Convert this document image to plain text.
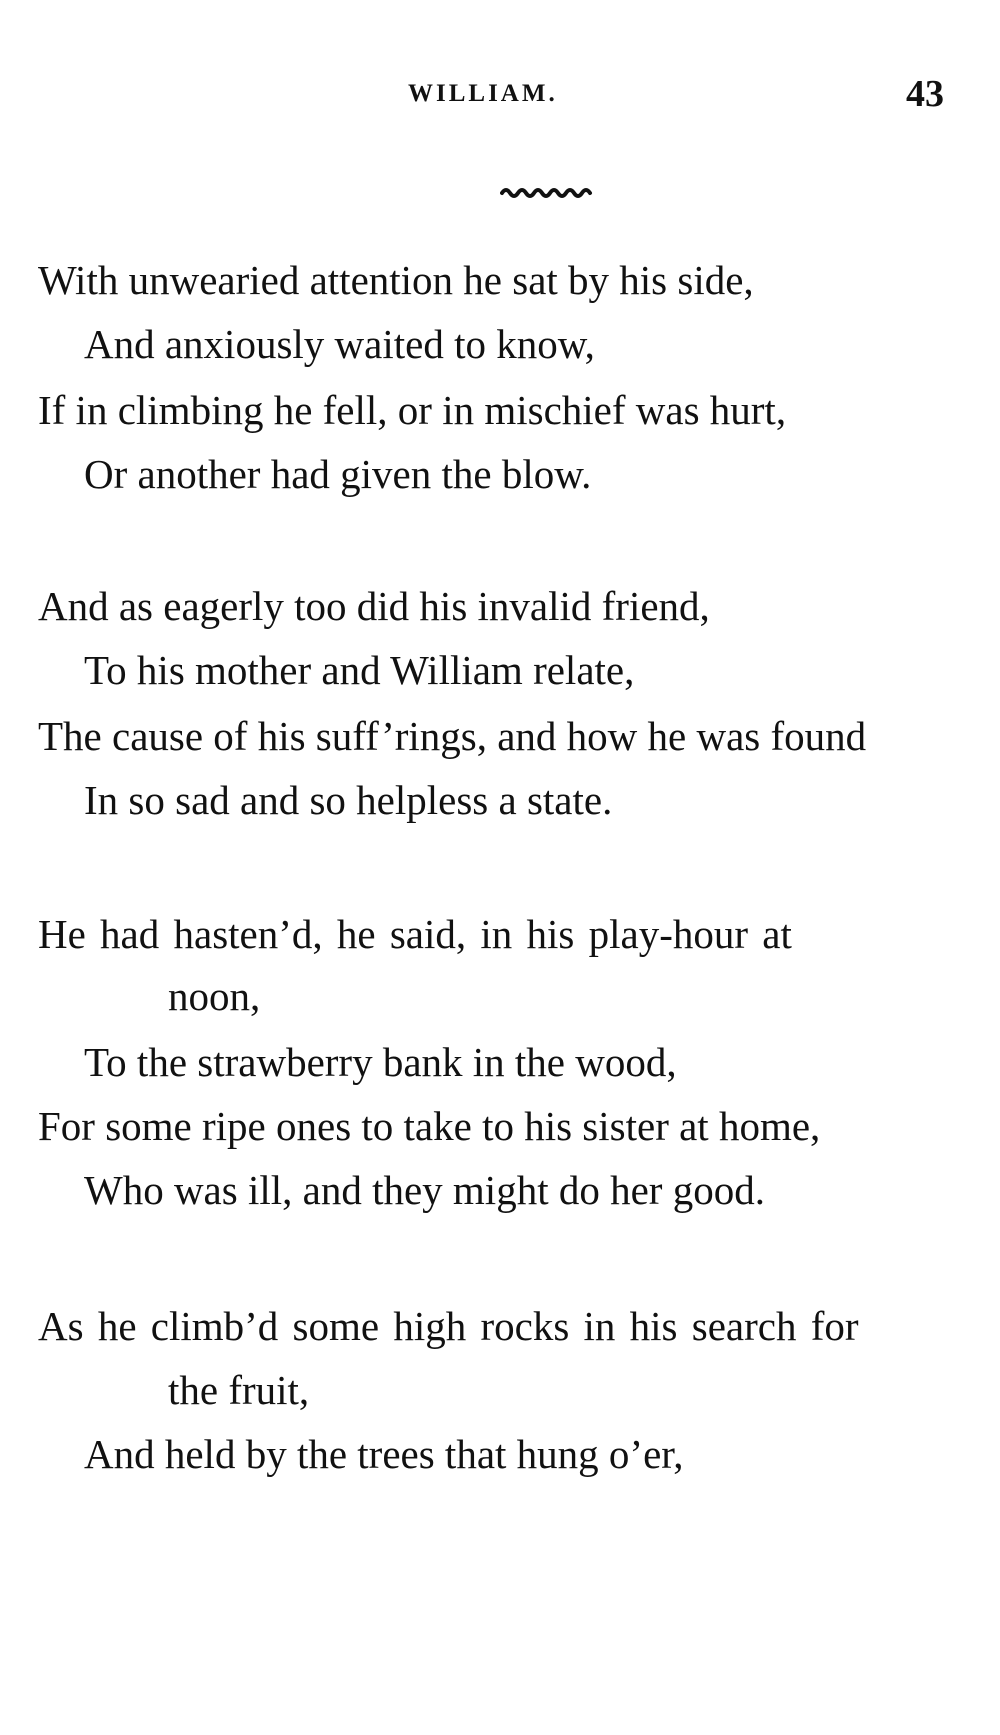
WILLIAM.	43
With unwearied attention he sat by his side,
And anxiously waited to know,
If in climbing he fell, or in mischief was hurt,
Or another had given the blow.
And as eagerly too did his invalid friend,
To his mother and William relate,
The cause of his suff’rings, and how he was found
In so sad and so helpless a state.
He had hasten’d, he said, in his play-hour at
noon,
To the strawberry bank in the wood,
For some ripe ones to take to his sister at home,
Who was ill, and they might do her good.
As he climb’d some high rocks in his search for
the fruit,
And held by the trees that hung o’er,
